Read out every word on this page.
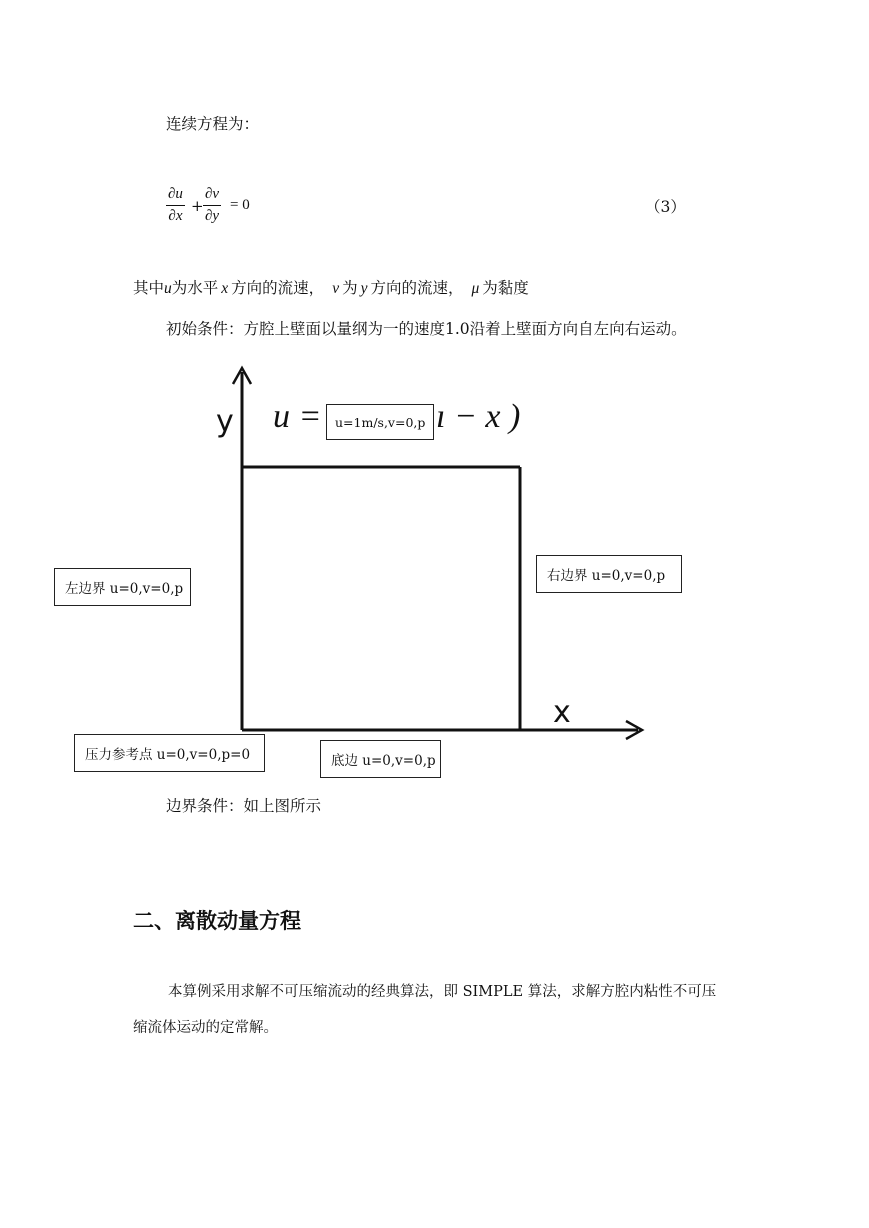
连续方程为：
$\frac{\partial u}{\partial x} + \frac{\partial v}{\partial y} = 0$	（3）
其中u为水平 x 方向的流速， v 为 y 方向的流速， μ 为黏度
初始条件：方腔上壁面以量纲为一的速度1.0沿着上壁面方向自左向右运动。
y
x
u =	ı − x )
u=1m/s,v=0,p
左边界 u=0,v=0,p
右边界 u=0,v=0,p
压力参考点 u=0,v=0,p=0	底边 u=0,v=0,p
边界条件：如上图所示
二、离散动量方程
本算例采用求解不可压缩流动的经典算法，即 SIMPLE 算法，求解方腔内粘性不可压
缩流体运动的定常解。
